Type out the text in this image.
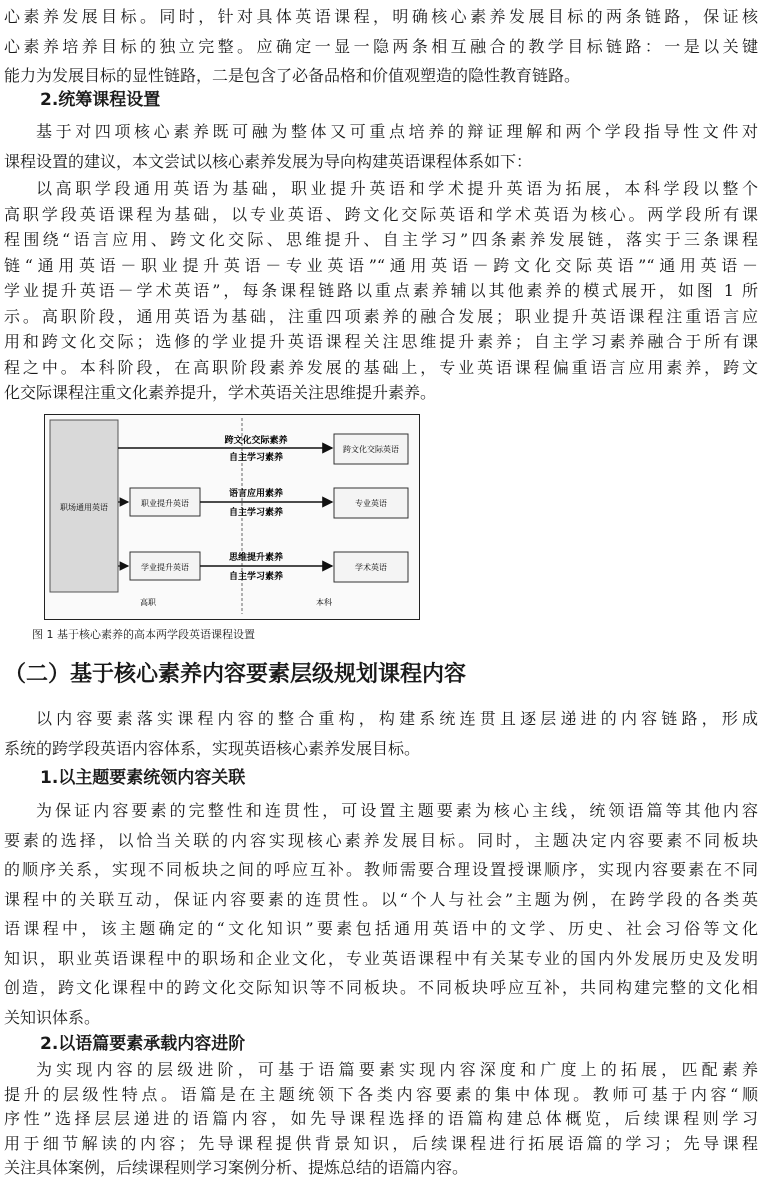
心素养发展目标。同时，针对具体英语课程，明确核心素养发展目标的两条链路，保证核

心素养培养目标的独立完整。应确定一显一隐两条相互融合的教学目标链路：一是以关键

能力为发展目标的显性链路，二是包含了必备品格和价值观塑造的隐性教育链路。

2.统筹课程设置

基于对四项核心素养既可融为整体又可重点培养的辩证理解和两个学段指导性文件对

课程设置的建议，本文尝试以核心素养发展为导向构建英语课程体系如下：

以高职学段通用英语为基础，职业提升英语和学术提升英语为拓展，本科学段以整个

高职学段英语课程为基础，以专业英语、跨文化交际英语和学术英语为核心。两学段所有课

程围绕“语言应用、跨文化交际、思维提升、自主学习”四条素养发展链，落实于三条课程

链“通用英语－职业提升英语－专业英语”“通用英语－跨文化交际英语”“通用英语－

学业提升英语－学术英语”，每条课程链路以重点素养辅以其他素养的模式展开，如图 1 所

示。高职阶段，通用英语为基础，注重四项素养的融合发展；职业提升英语课程注重语言应

用和跨文化交际；选修的学业提升英语课程关注思维提升素养；自主学习素养融合于所有课

程之中。本科阶段，在高职阶段素养发展的基础上，专业英语课程偏重语言应用素养，跨文

职场通用英语	职业提升英语
学业提升英语
跨文化交际英语
专业英语
学术英语
跨文化交际素养
自主学习素养
语言应用素养
自主学习素养
思维提升素养
自主学习素养
高职	本科

图 1 基于核心素养的高本两学段英语课程设置

（二）基于核心素养内容要素层级规划课程内容

以内容要素落实课程内容的整合重构，构建系统连贯且逐层递进的内容链路，形成

系统的跨学段英语内容体系，实现英语核心素养发展目标。

1.以主题要素统领内容关联

为保证内容要素的完整性和连贯性，可设置主题要素为核心主线，统领语篇等其他内容

要素的选择，以恰当关联的内容实现核心素养发展目标。同时，主题决定内容要素不同板块

的顺序关系，实现不同板块之间的呼应互补。教师需要合理设置授课顺序，实现内容要素在不同

课程中的关联互动，保证内容要素的连贯性。以“个人与社会”主题为例，在跨学段的各类英

语课程中，该主题确定的“文化知识”要素包括通用英语中的文学、历史、社会习俗等文化

知识，职业英语课程中的职场和企业文化，专业英语课程中有关某专业的国内外发展历史及发明

创造，跨文化课程中的跨文化交际知识等不同板块。不同板块呼应互补，共同构建完整的文化相

关知识体系。

2.以语篇要素承载内容进阶

为实现内容的层级进阶，可基于语篇要素实现内容深度和广度上的拓展，匹配素养

提升的层级性特点。语篇是在主题统领下各类内容要素的集中体现。教师可基于内容“顺

序性”选择层层递进的语篇内容，如先导课程选择的语篇构建总体概览，后续课程则学习

化交际课程注重文化素养提升，学术英语关注思维提升素养。

用于细节解读的内容；先导课程提供背景知识，后续课程进行拓展语篇的学习；先导课程

关注具体案例，后续课程则学习案例分析、提炼总结的语篇内容。
